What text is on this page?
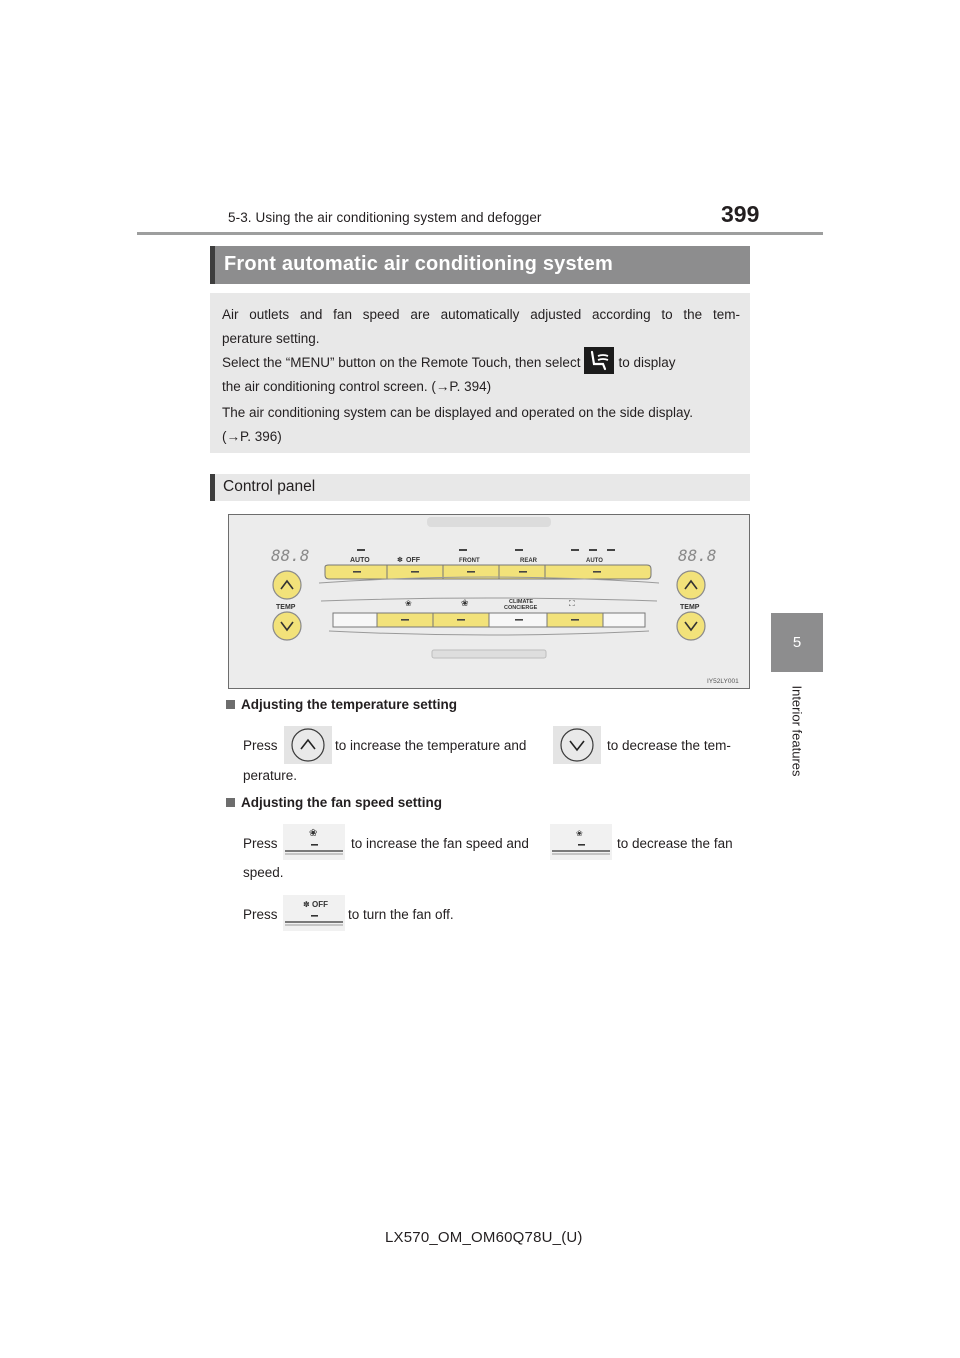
5-3. Using the air conditioning system and defogger	399
5
Interior features
Front automatic air conditioning system

Air outlets and fan speed are automatically adjusted according to the tem-

perature setting.

Select the “MENU” button on the Remote Touch, then select	to display

the air conditioning control screen. (→P. 394)

The air conditioning system can be displayed and operated on the side display.

(→P. 396)

Control panel
88.8	88.8
TEMP	TEMP
AUTO	✽ OFF	FRONT	REAR	AUTO
❀	❀	CLIMATE
CONCIERGE	⛶
IY52LY001
Adjusting the temperature setting
Press	to increase the temperature and	to decrease the tem-
perature.
Adjusting the fan speed setting
Press
❀
to increase the fan speed and
❀
to decrease the fan
speed.
Press
✽ OFF
to turn the fan off.
LX570_OM_OM60Q78U_(U)
